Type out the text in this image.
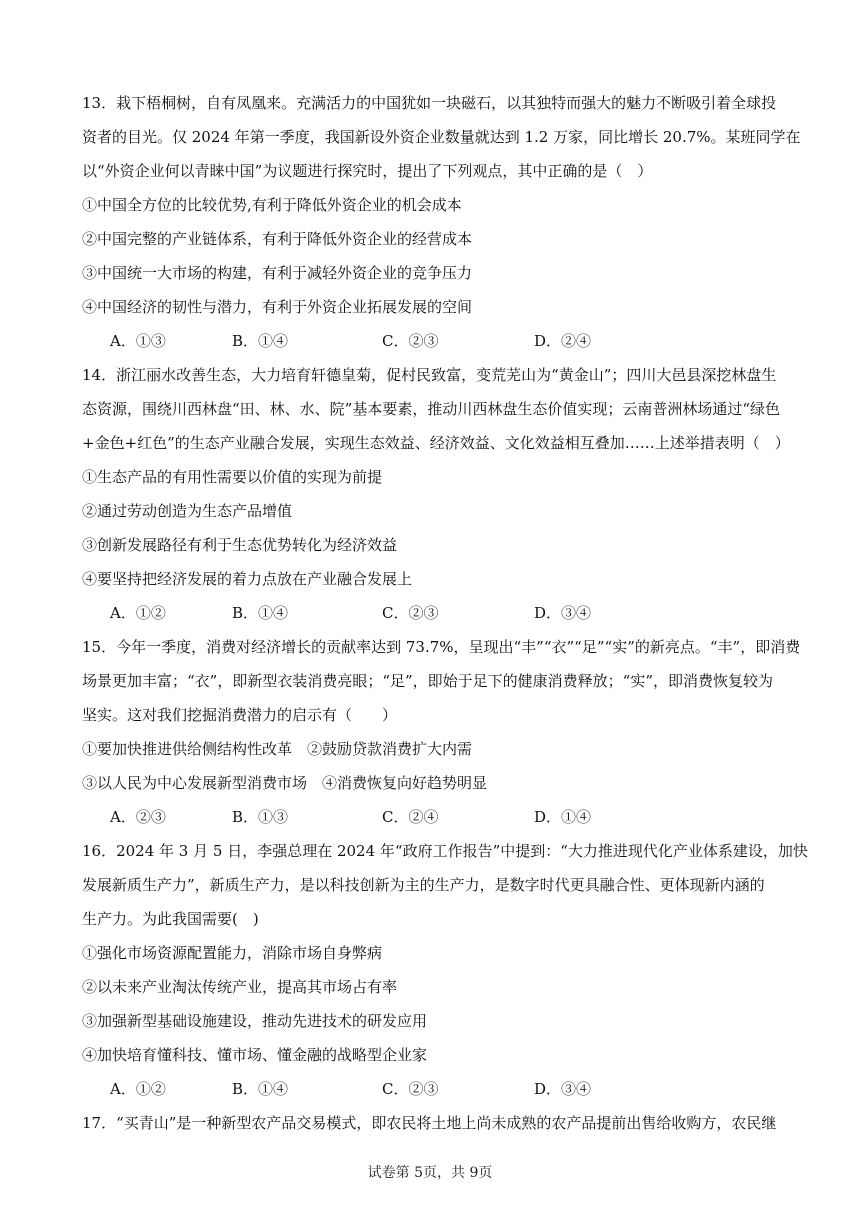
13．栽下梧桐树，自有凤凰来。充满活力的中国犹如一块磁石，以其独特而强大的魅力不断吸引着全球投
资者的目光。仅 2024 年第一季度，我国新设外资企业数量就达到 1.2 万家，同比增长 20.7%。某班同学在
以“外资企业何以青睐中国”为议题进行探究时，提出了下列观点，其中正确的是（　）
①中国全方位的比较优势,有利于降低外资企业的机会成本
②中国完整的产业链体系，有利于降低外资企业的经营成本
③中国统一大市场的构建，有利于减轻外资企业的竞争压力
④中国经济的韧性与潜力，有利于外资企业拓展发展的空间
A．①③	B．①④	C．②③	D．②④
14．浙江丽水改善生态，大力培育轩德皇菊，促村民致富，变荒芜山为“黄金山”；四川大邑县深挖林盘生
态资源，围绕川西林盘“田、林、水、院”基本要素，推动川西林盘生态价值实现；云南普洲林场通过“绿色
+金色+红色”的生态产业融合发展，实现生态效益、经济效益、文化效益相互叠加……上述举措表明（　）
①生态产品的有用性需要以价值的实现为前提
②通过劳动创造为生态产品增值
③创新发展路径有利于生态优势转化为经济效益
④要坚持把经济发展的着力点放在产业融合发展上
A．①②	B．①④	C．②③	D．③④
15．今年一季度，消费对经济增长的贡献率达到 73.7%，呈现出“丰”“衣”“足”“实”的新亮点。“丰”，即消费
场景更加丰富；“衣”，即新型衣装消费亮眼；“足”，即始于足下的健康消费释放；“实”，即消费恢复较为
坚实。这对我们挖掘消费潜力的启示有（　　）
①要加快推进供给侧结构性改革　②鼓励贷款消费扩大内需
③以人民为中心发展新型消费市场　④消费恢复向好趋势明显
A．②③	B．①③	C．②④	D．①④
16．2024 年 3 月 5 日，李强总理在 2024 年“政府工作报告”中提到：“大力推进现代化产业体系建设，加快
发展新质生产力”，新质生产力，是以科技创新为主的生产力，是数字时代更具融合性、更体现新内涵的
生产力。为此我国需要(　)
①强化市场资源配置能力，消除市场自身弊病
②以未来产业淘汰传统产业，提高其市场占有率
③加强新型基础设施建设，推动先进技术的研发应用
④加快培育懂科技、懂市场、懂金融的战略型企业家
A．①②	B．①④	C．②③	D．③④
17．“买青山”是一种新型农产品交易模式，即农民将土地上尚未成熟的农产品提前出售给收购方，农民继
试卷第 5页，共 9页
